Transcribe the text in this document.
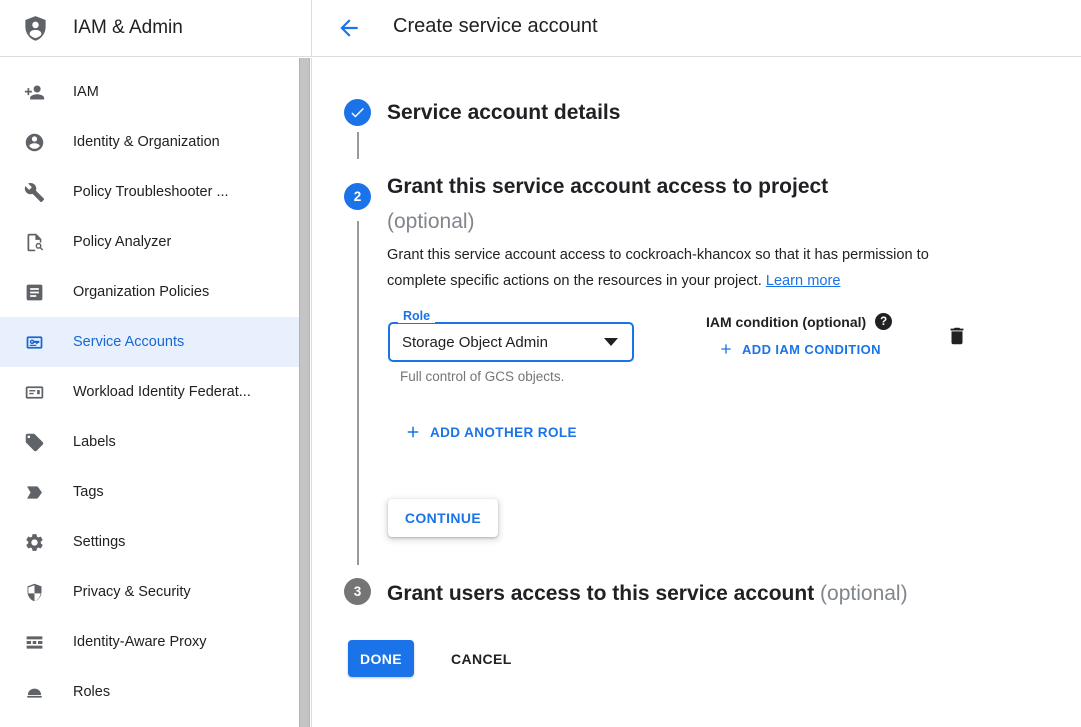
IAM & Admin	Create service account
IAM
Identity & Organization
Policy Troubleshooter ...
Policy Analyzer
Organization Policies
Service Accounts
Workload Identity Federat...
Labels
Tags
Settings
Privacy & Security
Identity-Aware Proxy
Roles
Service account details
2 Grant this service account access to project
(optional)
Grant this service account access to cockroach-khancox so that it has permission to complete specific actions on the resources in your project. Learn more
Storage Object Admin
Role
Full control of GCS objects.
IAM condition (optional)
?
ADD IAM CONDITION
ADD ANOTHER ROLE
CONTINUE
3 Grant users access to this service account (optional)
DONE	CANCEL
